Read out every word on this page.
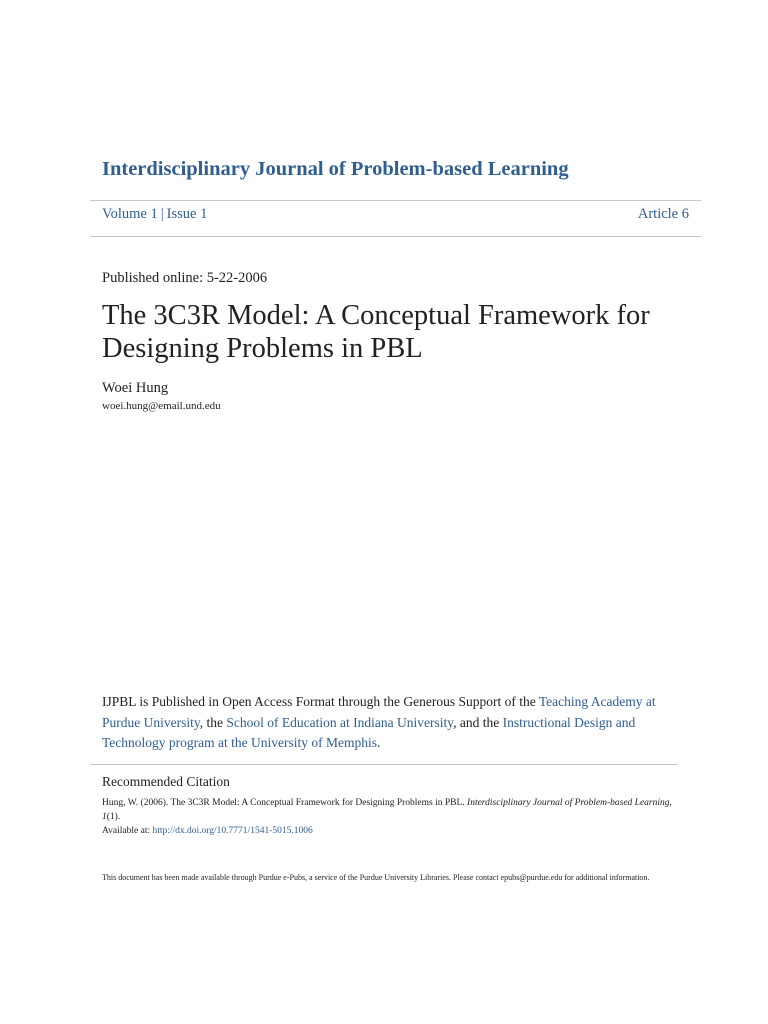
Interdisciplinary Journal of Problem-based Learning
Volume 1 | Issue 1	Article 6
Published online: 5-22-2006
The 3C3R Model: A Conceptual Framework for Designing Problems in PBL
Woei Hung
woei.hung@email.und.edu
IJPBL is Published in Open Access Format through the Generous Support of the Teaching Academy at Purdue University, the School of Education at Indiana University, and the Instructional Design and Technology program at the University of Memphis.
Recommended Citation
Hung, W. (2006). The 3C3R Model: A Conceptual Framework for Designing Problems in PBL. Interdisciplinary Journal of Problem-based Learning, 1(1).
Available at: http://dx.doi.org/10.7771/1541-5015.1006
This document has been made available through Purdue e-Pubs, a service of the Purdue University Libraries. Please contact epubs@purdue.edu for additional information.
